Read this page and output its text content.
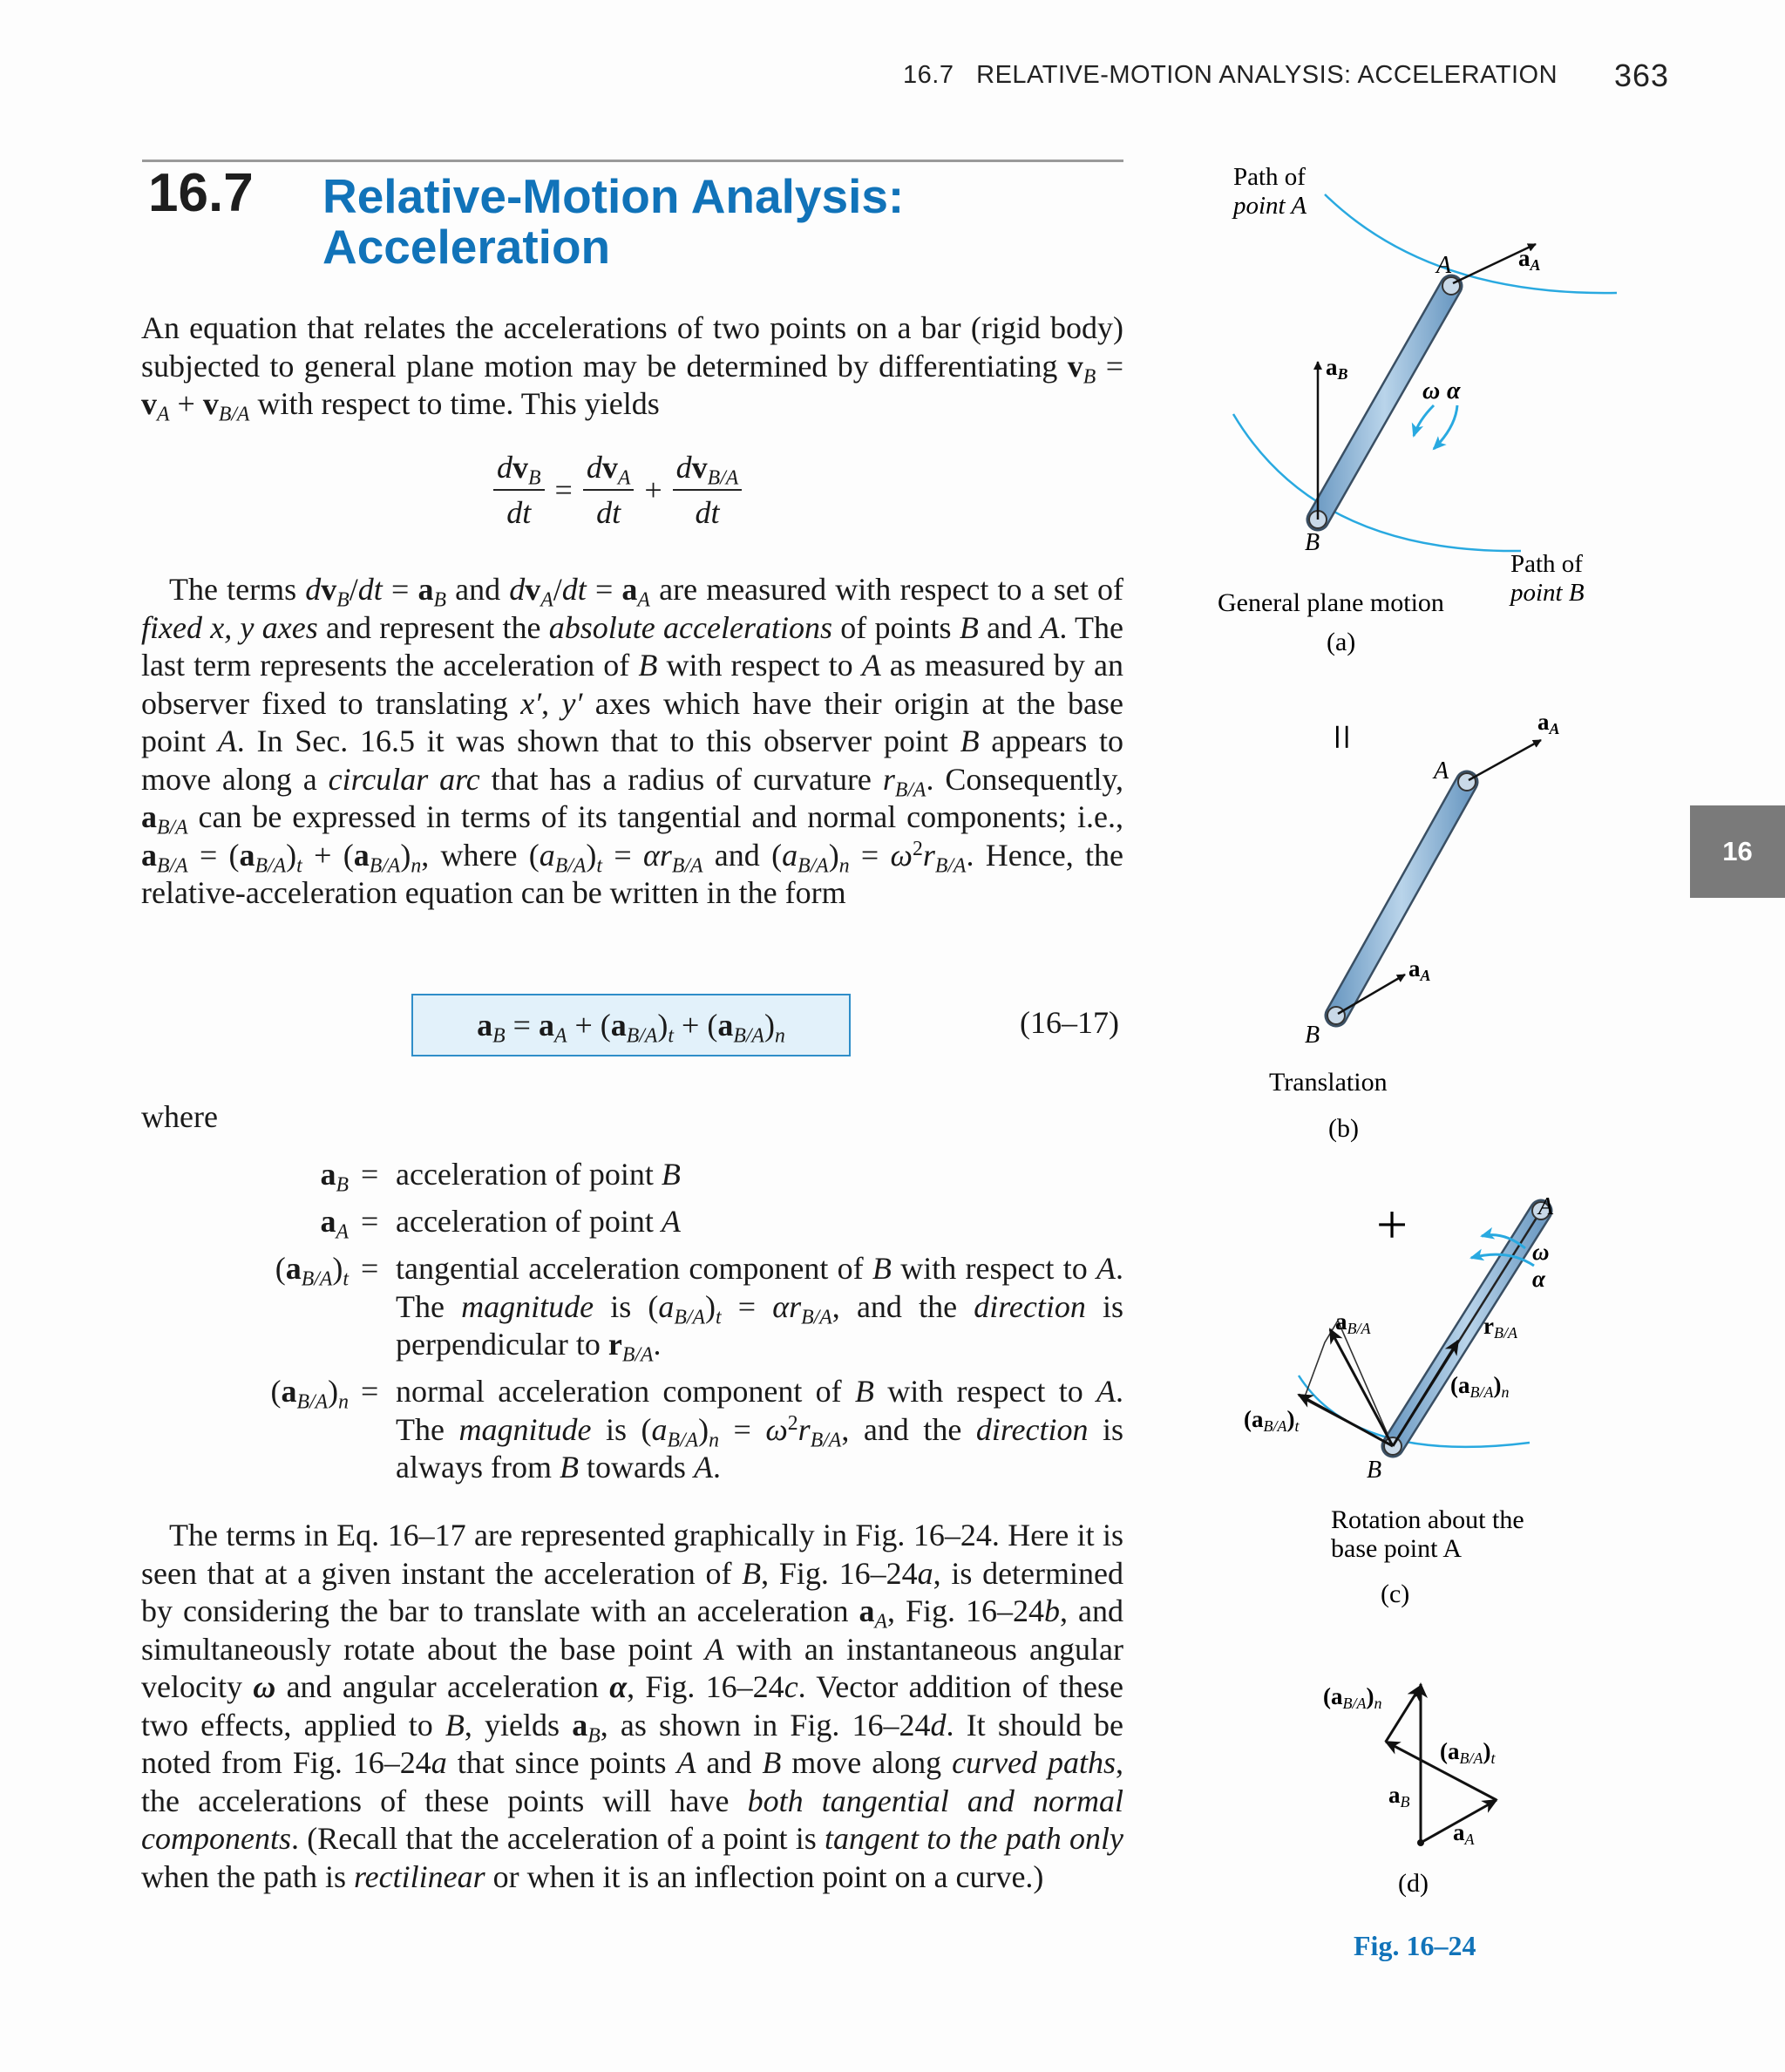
16.7 RELATIVE-MOTION ANALYSIS: ACCELERATION 363
16.7 Relative-Motion Analysis:
Acceleration
An equation that relates the accelerations of two points on a bar (rigid body) subjected to general plane motion may be determined by differentiating $v_B = v_A + v_{B/A}$ with respect to time. This yields
$\frac{dv_B}{dt} = \frac{dv_A}{dt} + \frac{dv_{B/A}}{dt}$
The terms $dv_B/dt = a_B$ and $dv_A/dt = a_A$ are measured with respect to a set of fixed x, y axes and represent the absolute accelerations of points B and A. The last term represents the acceleration of B with respect to A as measured by an observer fixed to translating x′, y′ axes which have their origin at the base point A. In Sec. 16.5 it was shown that to this observer point B appears to move along a circular arc that has a radius of curvature $r_{B/A}$. Consequently, $a_{B/A}$ can be expressed in terms of its tangential and normal components; i.e., $a_{B/A} = (a_{B/A})_t + (a_{B/A})_n$, where $(a_{B/A})_t = \alpha r_{B/A}$ and $(a_{B/A})_n = \omega^2r_{B/A}$. Hence, the relative-acceleration equation can be written in the form
$a_B = a_A + (a_{B/A})_t + (a_{B/A})_n$	(16–17)
where
$a_B$ = acceleration of point B
$a_A$ = acceleration of point A
$(a_{B/A})_t$ = tangential acceleration component of B with respect to A. The magnitude is $(a_{B/A})_t = \alpha r_{B/A}$, and the direction is perpendicular to $r_{B/A}$.
$(a_{B/A})_n$ = normal acceleration component of B with respect to A. The magnitude is $(a_{B/A})_n = \omega^2r_{B/A}$, and the direction is always from B towards A.
The terms in Eq. 16–17 are represented graphically in Fig. 16–24. Here it is seen that at a given instant the acceleration of B, Fig. 16–24a, is determined by considering the bar to translate with an acceleration $a_A$, Fig. 16–24b, and simultaneously rotate about the base point A with an instantaneous angular velocity ω and angular acceleration α, Fig. 16–24c. Vector addition of these two effects, applied to B, yields $a_B$, as shown in Fig. 16–24d. It should be noted from Fig. 16–24a that since points A and B move along curved paths, the accelerations of these points will have both tangential and normal components. (Recall that the acceleration of a point is tangent to the path only when the path is rectilinear or when it is an inflection point on a curve.)
16
Path of
point A
A
B
aA
aB
ω α
Path of
point B
General plane motion
(a)
=
A
B
aA
aA
Translation
(b)
+	A
B
ω
α
aB/A	rB/A
(aB/A)n
(aB/A)t
Rotation about the
base point A
(c)
(aB/A)n
(aB/A)t
aB
aA
(d)
Fig. 16–24
